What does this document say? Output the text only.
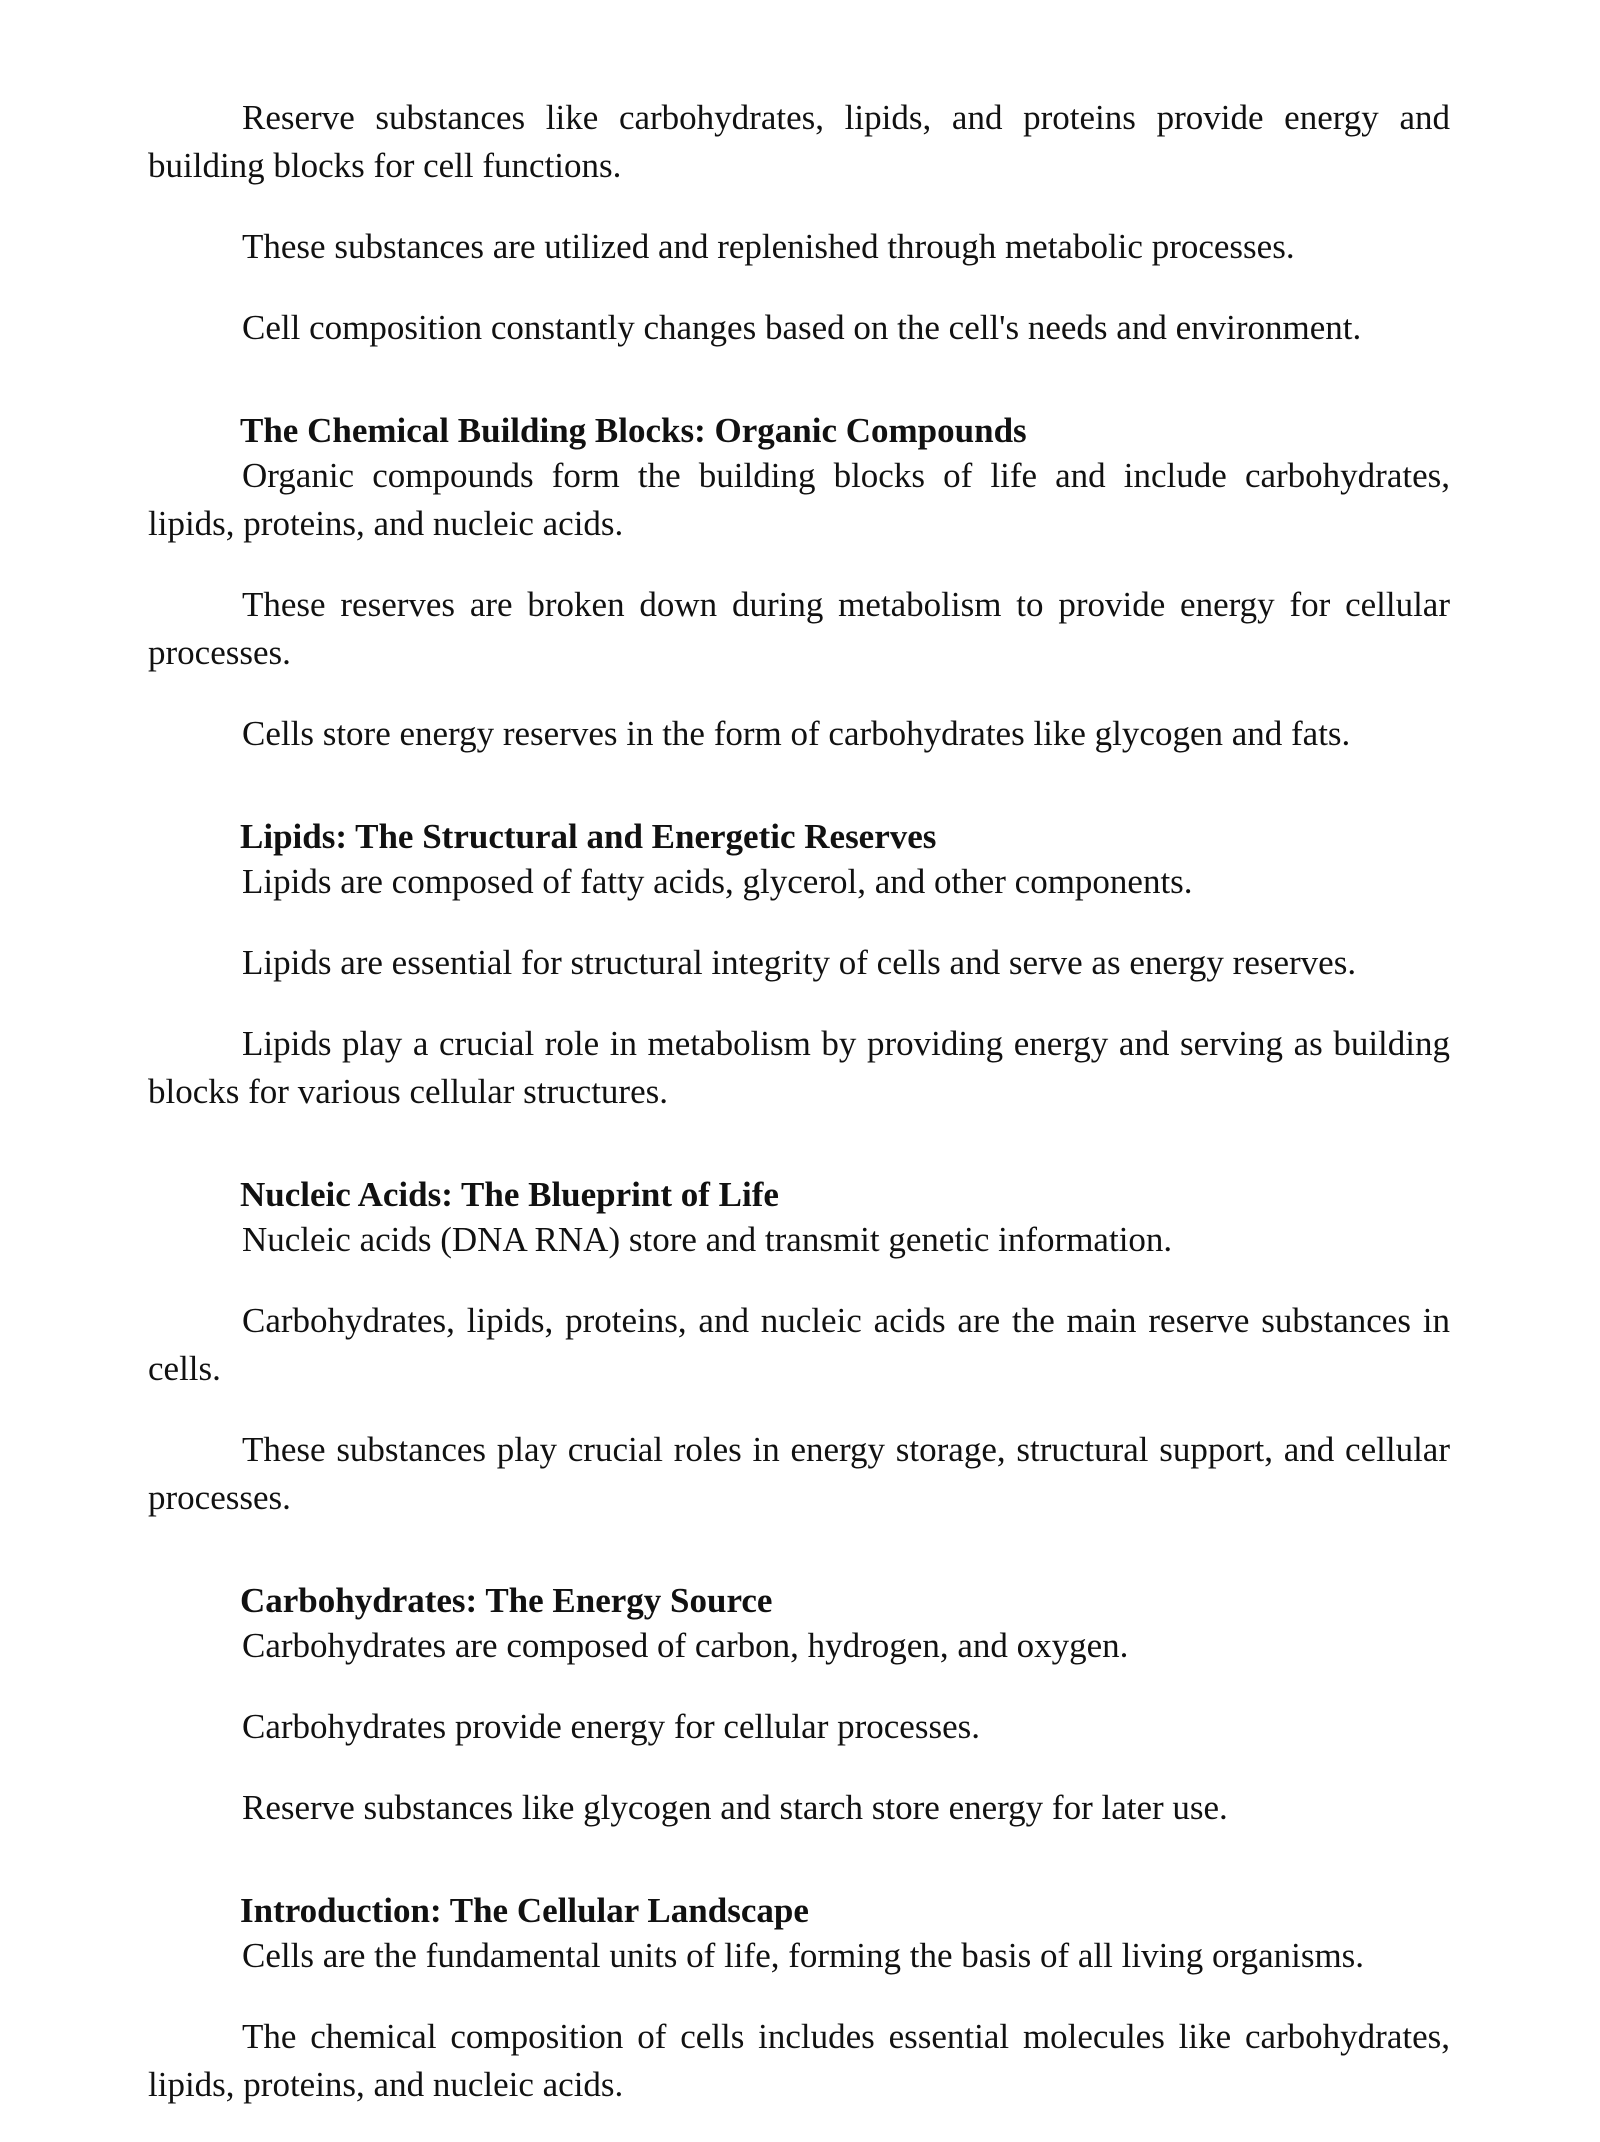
Reserve substances like carbohydrates, lipids, and proteins provide energy and building blocks for cell functions.

These substances are utilized and replenished through metabolic processes.

Cell composition constantly changes based on the cell's needs and environment.

The Chemical Building Blocks: Organic Compounds

Organic compounds form the building blocks of life and include carbohydrates, lipids, proteins, and nucleic acids.

These reserves are broken down during metabolism to provide energy for cellular processes.

Cells store energy reserves in the form of carbohydrates like glycogen and fats.

Lipids: The Structural and Energetic Reserves

Lipids are composed of fatty acids, glycerol, and other components.

Lipids are essential for structural integrity of cells and serve as energy reserves.

Lipids play a crucial role in metabolism by providing energy and serving as building blocks for various cellular structures.

Nucleic Acids: The Blueprint of Life

Nucleic acids (DNA RNA) store and transmit genetic information.

Carbohydrates, lipids, proteins, and nucleic acids are the main reserve substances in cells.

These substances play crucial roles in energy storage, structural support, and cellular processes.

Carbohydrates: The Energy Source

Carbohydrates are composed of carbon, hydrogen, and oxygen.

Carbohydrates provide energy for cellular processes.

Reserve substances like glycogen and starch store energy for later use.

Introduction: The Cellular Landscape

Cells are the fundamental units of life, forming the basis of all living organisms.

The chemical composition of cells includes essential molecules like carbohydrates, lipids, proteins, and nucleic acids.
